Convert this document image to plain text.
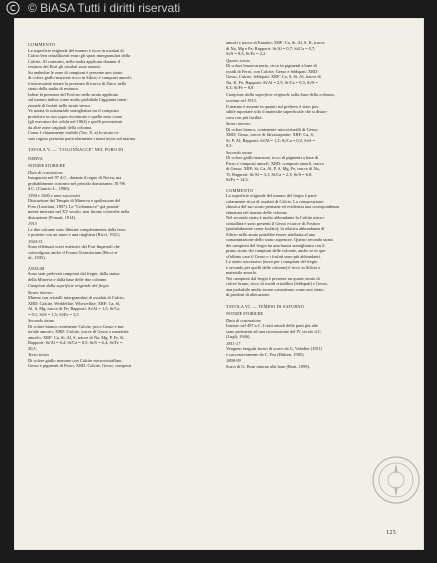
© BiASA Tutti i diritti riservati
COMMENTO
La superficie originale del marmo è ricca in ossalati di
Calcio ben cristallizzati entro gli spazi intergranulari della
Calcite. Al contrario, nella malta applicata durante il
restauro dei Bori gli ossalati sono assenti.
Su ambedue le zone di campioni è presente uno strato
di colore giallo-marrone ricco in Silicio e composti amorfi:
è interessante notare la presenza di tracce di Zinco nello
strato della malta di restauro.
Infine la presenza del Fosforo nello strato applicato
sul marmo indica come molto probabile l'aggiunta inten-
zionale di fosfati nello strato stesso.
Va notata la sostanziale somiglianza tra il composto
protettivo in uso sopra riscontrato e quello noto come
(gli esecutori dei calchi nel 1862) e quelli provenienti
da altre zone originali della colonna.
Come è chiaramente visibile (Tav. X, a) lo strato ro-
sato rugoso presenta particolarmente i nomi incisi sul marmo.
TAVOLA V. — "COLONNACCE" NEL FORO DI
NERVA
NOTIZIE STORICHE
Data di costruzione
Inaugurato nel 97 d.C., durante il regno di Nerva, ma
probabilmente costruito nel periodo domizianeo, 81-96
d.C. (Ciancio L., 1980).
1594 e 1606 e anni successivi
Distruzione del Tempio di Minerva e spoliazione del
Foro (Lanciani, 1897). Le "Colonnacce" già parzial-
mente interrate nel XV secolo, non furono coinvolte nella
distruzione (Fossati, 1914).
1913
Le due colonne sono liberate completamente dalla terra
e protette con un muro e una ringhiera (Ricci, 1921).
1924-31
Sono effettuati scavi estensivi dei Fori Imperiali che
coinvolgono anche il Forum Transitorium (Ricci et
al., 1935).
ANALISI
Sono stati prelevati campioni dal fregio, dalla statua
della Minerva e dalla base delle due colonne.
Campioni dalla superficie originale del fregio
Strato interno
Marmo con cristalli intergranulari di ossalati di Calcio;
XRD: Calcite, Weddellite, Whewellite; XRF: Ca, Si,
Al, S, Mg, tracce di Fe; Rapporti: Si/Al = 1,5; Si/Ca
= 0,1; Si/S = 1,5; Si/Fe = 3,5
Secondo strato
Di colore bianco contenente Calcite, poco Gesso e ma-
teriale amorfo; XRD: Calcite, tracce di Gesso e materiale
amorfo; XRF: Ca, Si, Al, S, tracce di Na, Mg, P, Fe, K;
Rapporti: Si/Al = 6,4; Si/Ca = 0,5; Si/S = 6,4; Si/Fe =
20,5.
Terzo strato
Di colore giallo marrone con Calcite microcristallino,
Gesso e pigmenti di Ferro; XRD: Calcite, Gesso, composti
amorfi e tracce di Ematite; XRF: Ca, Si, Al, S, K, tracce
di Na, Mg e Fe; Rapporti: Si/Al = 0,7; Si/Ca = 0,7;
Si/S = 8,3; Si/Fe = 2,2.
Quarto strato
Di colore bruno-arancio, ricco in pigmenti a base di
ossidi di Ferro, con Calcite, Gesso e feldspati; XRD:
Gesso, Calcite, feldspati; XRF: Ca, S, Si, Al, tracce di
Na, K, Fe; Rapporti: Si/Al = 2,5; Si/Ca = 0,3; Si/S =
0,3; Si/Fe = 8,0.
Campione dalla superficie originale sulla base della colonna,
scavata nel 1913.
Il marmo è assente in quanto sul prelievo è stato pos-
sibile asportare solo il materiale superficiale che si distac-
cava con più facilità.
Strato interno
Di colore bianco, contenente microcristalli di Gesso;
XRD: Gesso, tracce di Idrossiapatite; XRF: Ca, S,
Si, P, Al; Rapporti: Si/Al = 1,2; Si/Ca = 0,2; Si/S =
0,5.
Secondo strato
Di colore giallo-marrone, ricco di pigmenti a base di
Ferro e composti amorfi; XRD: composti amorfi, tracce
di Gesso; XRF: Si, Ca, Al, P, S, Mg, Fe, tracce di Na,
Ti; Rapporti: Si/Al = 3,1; Si/Ca = 2,3; Si/S = 6,8;
Si/Fe = 14,3.
COMMENTO
La superficie originale del marmo del fregio è parti-
colarmente ricca di ossalati di Calcio. La composizione
chimica del suo strato permane ed evidenzia una corrispondenza
ritmatura nel marmo delle colonne.
Nel secondo strato è molto abbondante la Calcite micro-
cristallina e sono presenti il Gesso e tracce di Fosforo
(probabilmente come fosfato); la relativa abbondanza di
Silicio nello strato potrebbe essere attribuita al una
contaminazione dello strato superiore. Questo secondo strato
dei campioni del fregio ha una buona somiglianza con il
primo strato dei campioni delle colonne, anche se in que-
st'ultimo caso il Gesso e i fosfati sono più abbondanti.
Lo strato successivo (terzo per i campioni del fregio
e secondo per quelli delle colonne) è ricco in Silicio e
materiale amorfo.
Nei campioni dal fregio è presente un quarto strato di
colore bruno, ricco di ossidi cristallini (feldspati) e Gesso,
una probabile anche essere considerato come uno strato
di prodotti di alterazione.
TAVOLA VI. — TEMPIO DI SATURNO
NOTIZIE STORICHE
Data di costruzione
Iniziato nel 497 a.C. I resti attuali delle parti più alte
sono pertinenti ad una ricostruzione del IV secolo d.C.
(Lugli, 1946).
1811-17
Vengono eseguiti lavori di scavo da G. Valadier (1811)
e successivamente da C. Fea (Hülsen, 1905).
1898-99
Scavi di G. Boni intorno alla base (Boni, 1899).
125
